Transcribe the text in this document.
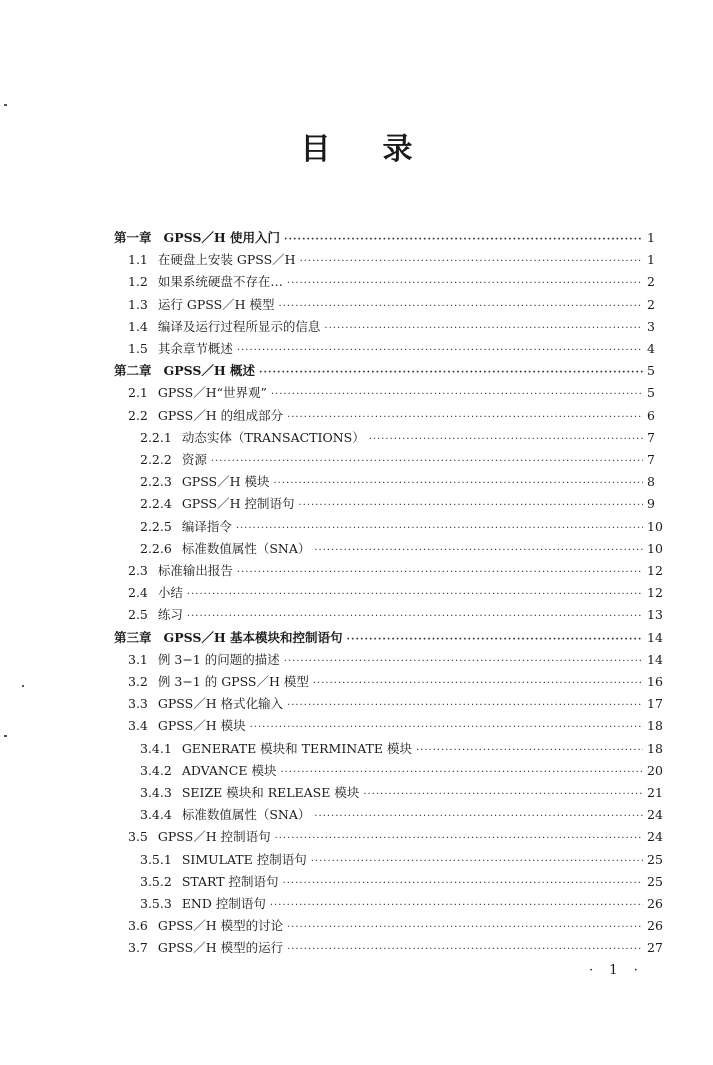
目 录
第一章 GPSS／H 使用入门 ·····	1
1.1 在硬盘上安装 GPSS／H ·····	1
1.2 如果系统硬盘不存在… ·····	2
1.3 运行 GPSS／H 模型 ·····	2
1.4 编译及运行过程所显示的信息 ·····	3
1.5 其余章节概述 ·····	4
第二章 GPSS／H 概述 ·····	5
2.1 GPSS／H“世界观” ·····	5
2.2 GPSS／H 的组成部分 ·····	6
2.2.1 动态实体（TRANSACTIONS） ·····	7
2.2.2 资源 ·····	7
2.2.3 GPSS／H 模块 ·····	8
2.2.4 GPSS／H 控制语句 ·····	9
2.2.5 编译指令 ·····	10
2.2.6 标准数值属性（SNA） ·····	10
2.3 标准输出报告 ·····	12
2.4 小结 ·····	12
2.5 练习 ·····	13
第三章 GPSS／H 基本模块和控制语句 ·····	14
3.1 例 3−1 的问题的描述 ·····	14
3.2 例 3−1 的 GPSS／H 模型 ·····	16
3.3 GPSS／H 格式化输入 ·····	17
3.4 GPSS／H 模块 ·····	18
3.4.1 GENERATE 模块和 TERMINATE 模块 ·····	18
3.4.2 ADVANCE 模块 ·····	20
3.4.3 SEIZE 模块和 RELEASE 模块 ·····	21
3.4.4 标准数值属性（SNA） ·····	24
3.5 GPSS／H 控制语句 ·····	24
3.5.1 SIMULATE 控制语句 ·····	25
3.5.2 START 控制语句 ·····	25
3.5.3 END 控制语句 ·····	26
3.6 GPSS／H 模型的讨论 ·····	26
3.7 GPSS／H 模型的运行 ·····	27
· 1 ·
